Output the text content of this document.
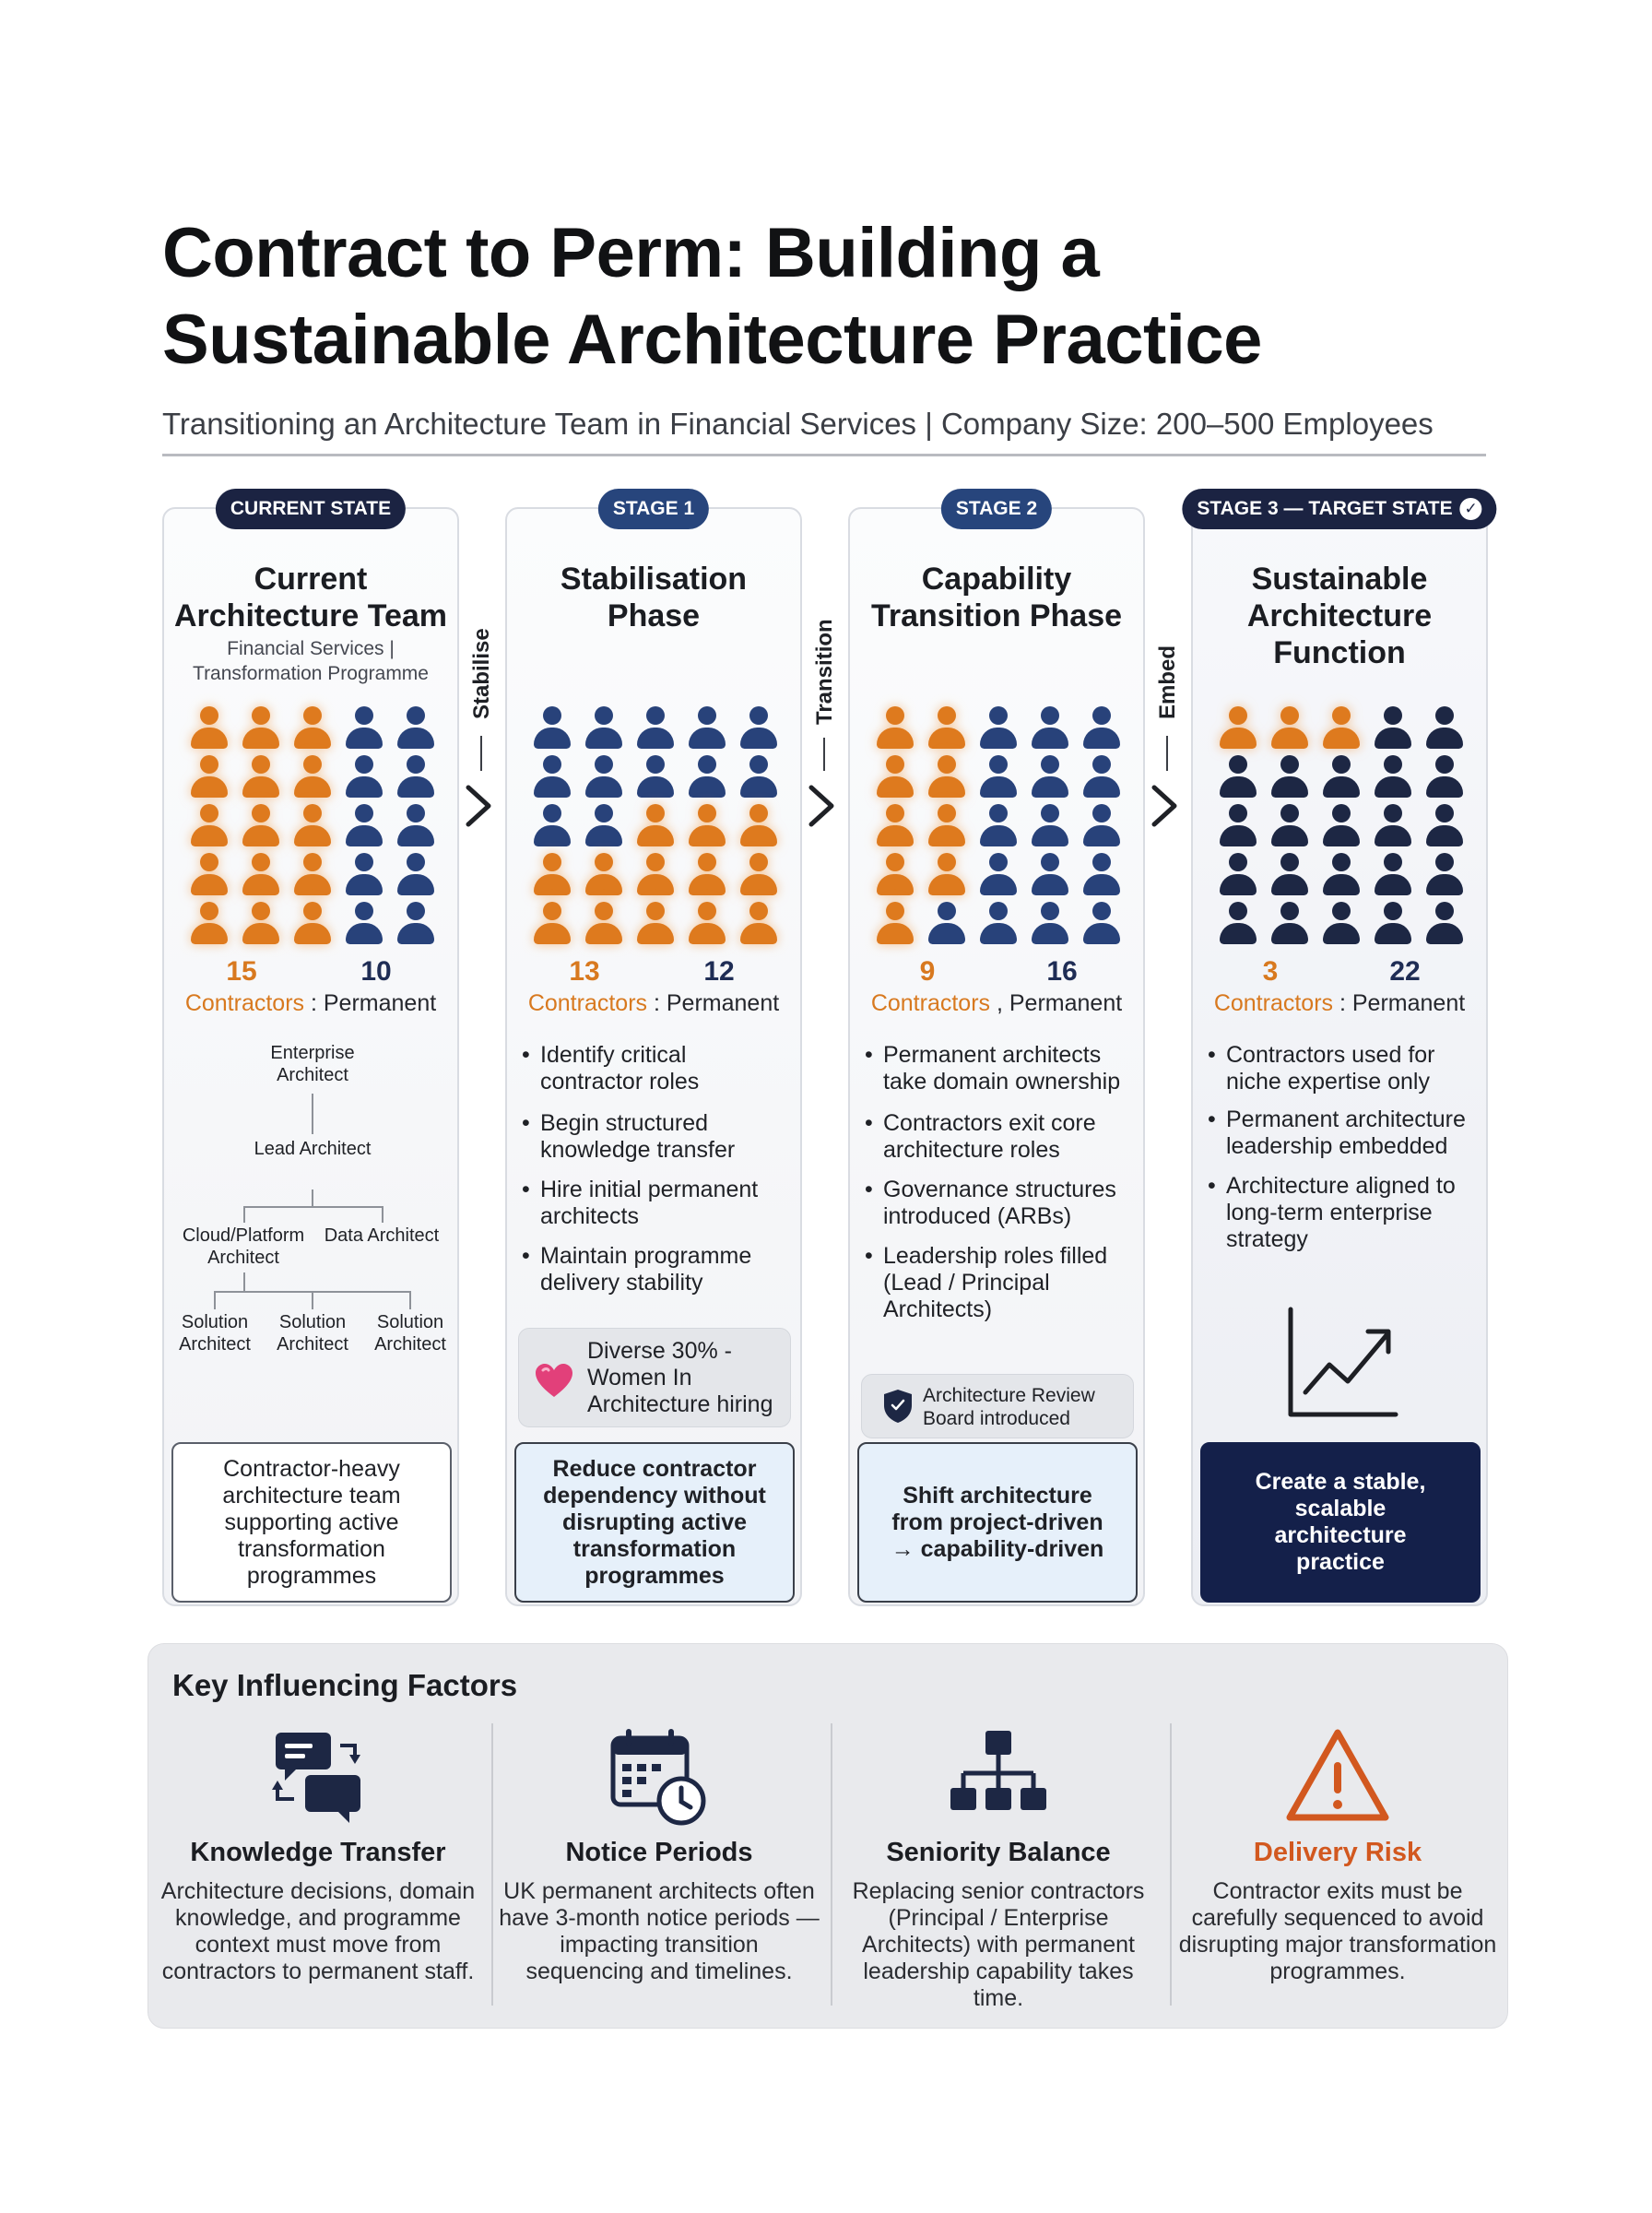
Contract to Perm: Building a
Sustainable Architecture Practice
Transitioning an Architecture Team in Financial Services | Company Size: 200–500 Employees
CURRENT STATE
Current
Architecture Team
Financial Services |
Transformation Programme
15	10
Contractors : Permanent
Enterprise Architect
Lead Architect
Cloud/Platform Architect
Data Architect
Solution Architect
Solution Architect
Solution Architect
Contractor-heavy architecture team supporting active transformation programmes
Stabilise
STAGE 1
Stabilisation
Phase
13	12
Contractors : Permanent
• Identify critical contractor roles
• Begin structured knowledge transfer
• Hire initial permanent architects
• Maintain programme delivery stability
Diverse 30% -Women In Architecture hiring
Reduce contractor dependency without disrupting active transformation programmes
Transition
STAGE 2
Capability
Transition Phase
9	16
Contractors , Permanent
• Permanent architects take domain ownership
• Contractors exit core architecture roles
• Governance structures introduced (ARBs)
• Leadership roles filled (Lead / Principal Architects)
Architecture Review Board introduced
Shift architecture from project-driven → capability-driven
Embed
STAGE 3 — TARGET STATE ✓
Sustainable
Architecture
Function
3	22
Contractors : Permanent
• Contractors used for niche expertise only
• Permanent architecture leadership embedded
• Architecture aligned to long-term enterprise strategy
Create a stable, scalable architecture practice
Key Influencing Factors
Knowledge Transfer
Architecture decisions, domain knowledge, and programme context must move from contractors to permanent staff.
Notice Periods
UK permanent architects often have 3-month notice periods — impacting transition sequencing and timelines.
Seniority Balance
Replacing senior contractors (Principal / Enterprise Architects) with permanent leadership capability takes time.
Delivery Risk
Contractor exits must be carefully sequenced to avoid disrupting major transformation programmes.
